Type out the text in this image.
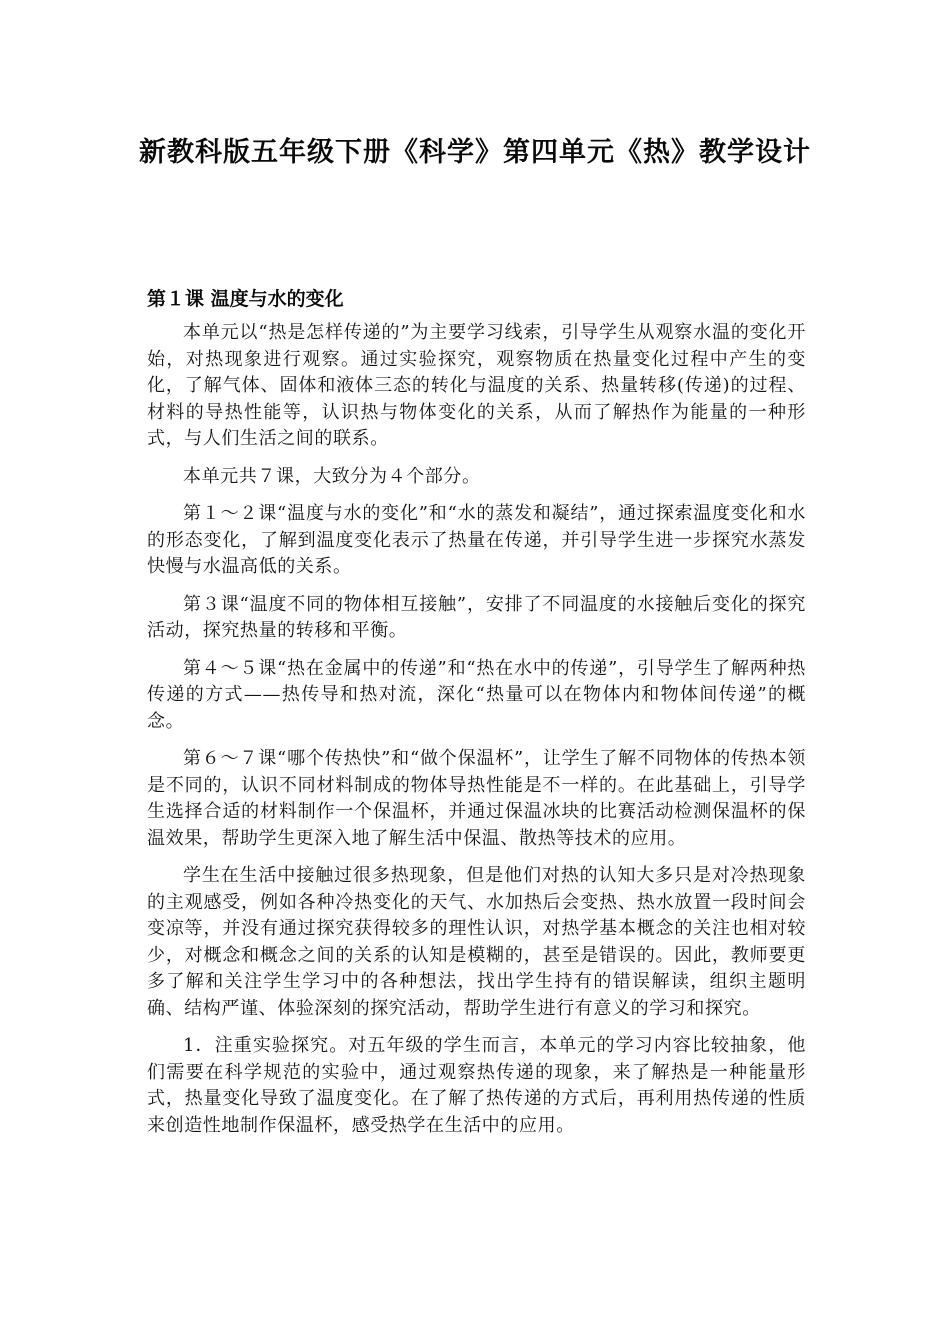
新教科版五年级下册《科学》第四单元《热》教学设计
第１课 温度与水的变化

本单元以“热是怎样传递的”为主要学习线索，引导学生从观察水温的变化开始，对热现象进行观察。通过实验探究，观察物质在热量变化过程中产生的变化，了解气体、固体和液体三态的转化与温度的关系、热量转移(传递)的过程、材料的导热性能等，认识热与物体变化的关系，从而了解热作为能量的一种形式，与人们生活之间的联系。

本单元共７课，大致分为４个部分。

第１～２课“温度与水的变化”和“水的蒸发和凝结”，通过探索温度变化和水的形态变化，了解到温度变化表示了热量在传递，并引导学生进一步探究水蒸发快慢与水温高低的关系。

第３课“温度不同的物体相互接触”，安排了不同温度的水接触后变化的探究活动，探究热量的转移和平衡。

第４～５课“热在金属中的传递”和“热在水中的传递”，引导学生了解两种热传递的方式——热传导和热对流，深化“热量可以在物体内和物体间传递”的概念。

第６～７课“哪个传热快”和“做个保温杯”，让学生了解不同物体的传热本领是不同的，认识不同材料制成的物体导热性能是不一样的。在此基础上，引导学生选择合适的材料制作一个保温杯，并通过保温冰块的比赛活动检测保温杯的保温效果，帮助学生更深入地了解生活中保温、散热等技术的应用。

学生在生活中接触过很多热现象，但是他们对热的认知大多只是对冷热现象的主观感受，例如各种冷热变化的天气、水加热后会变热、热水放置一段时间会变凉等，并没有通过探究获得较多的理性认识，对热学基本概念的关注也相对较少，对概念和概念之间的关系的认知是模糊的，甚至是错误的。因此，教师要更多了解和关注学生学习中的各种想法，找出学生持有的错误解读，组织主题明确、结构严谨、体验深刻的探究活动，帮助学生进行有意义的学习和探究。

1．注重实验探究。对五年级的学生而言，本单元的学习内容比较抽象，他们需要在科学规范的实验中，通过观察热传递的现象，来了解热是一种能量形式，热量变化导致了温度变化。在了解了热传递的方式后，再利用热传递的性质来创造性地制作保温杯，感受热学在生活中的应用。
